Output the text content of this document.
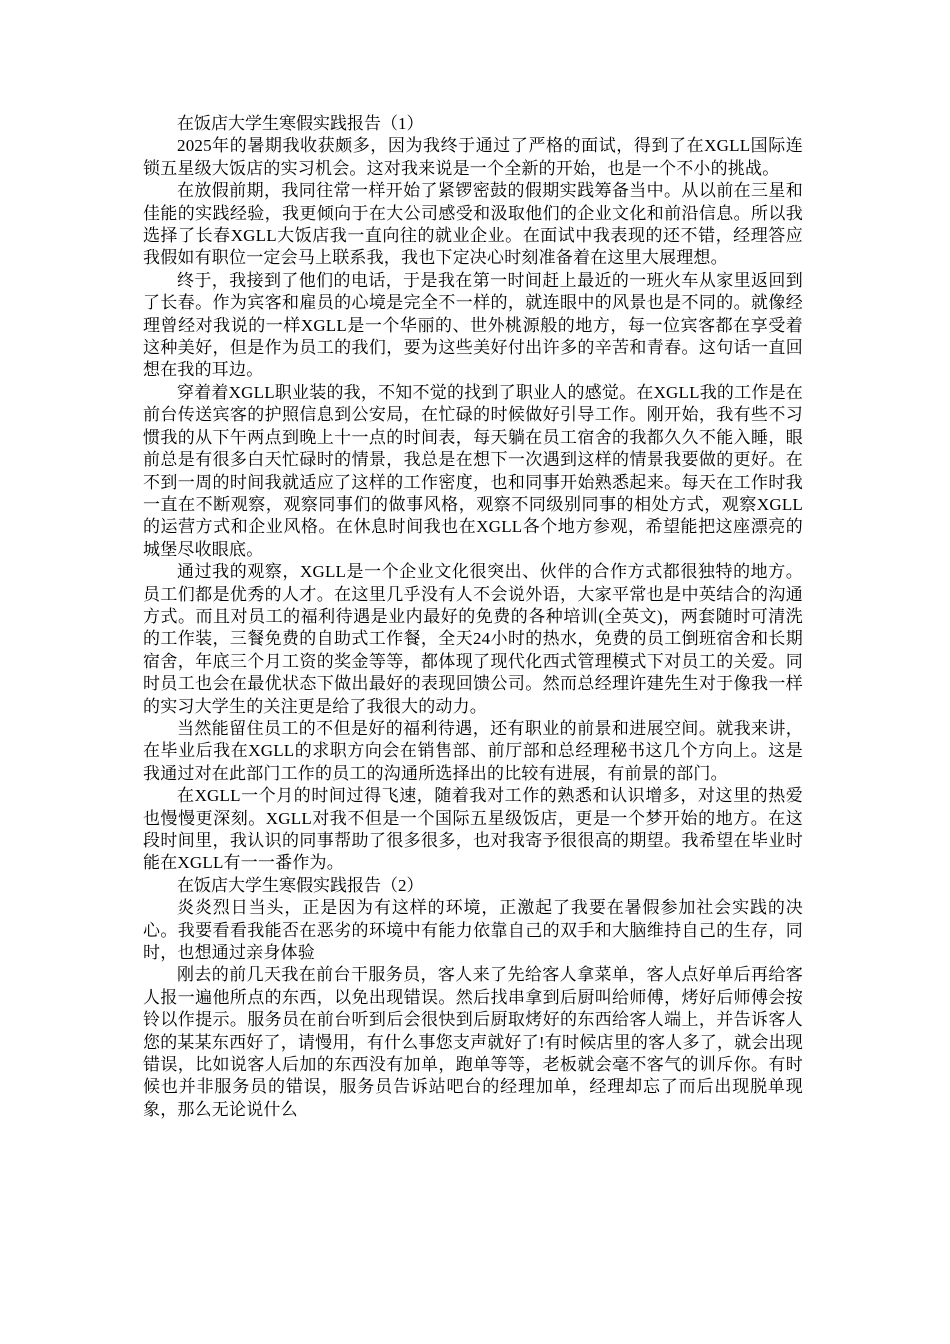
在饭店大学生寒假实践报告（1）

2025年的暑期我收获颇多，因为我终于通过了严格的面试，得到了在XGLL国际连锁五星级大饭店的实习机会。这对我来说是一个全新的开始，也是一个不小的挑战。

在放假前期，我同往常一样开始了紧锣密鼓的假期实践筹备当中。从以前在三星和佳能的实践经验，我更倾向于在大公司感受和汲取他们的企业文化和前沿信息。所以我选择了长春XGLL大饭店我一直向往的就业企业。在面试中我表现的还不错，经理答应我假如有职位一定会马上联系我，我也下定决心时刻准备着在这里大展理想。

终于，我接到了他们的电话，于是我在第一时间赶上最近的一班火车从家里返回到了长春。作为宾客和雇员的心境是完全不一样的，就连眼中的风景也是不同的。就像经理曾经对我说的一样XGLL是一个华丽的、世外桃源般的地方，每一位宾客都在享受着这种美好，但是作为员工的我们，要为这些美好付出许多的辛苦和青春。这句话一直回想在我的耳边。

穿着着XGLL职业装的我，不知不觉的找到了职业人的感觉。在XGLL我的工作是在前台传送宾客的护照信息到公安局，在忙碌的时候做好引导工作。刚开始，我有些不习惯我的从下午两点到晚上十一点的时间表，每天躺在员工宿舍的我都久久不能入睡，眼前总是有很多白天忙碌时的情景，我总是在想下一次遇到这样的情景我要做的更好。在不到一周的时间我就适应了这样的工作密度，也和同事开始熟悉起来。每天在工作时我一直在不断观察，观察同事们的做事风格，观察不同级别同事的相处方式，观察XGLL的运营方式和企业风格。在休息时间我也在XGLL各个地方参观，希望能把这座漂亮的城堡尽收眼底。

通过我的观察，XGLL是一个企业文化很突出、伙伴的合作方式都很独特的地方。员工们都是优秀的人才。在这里几乎没有人不会说外语，大家平常也是中英结合的沟通方式。而且对员工的福利待遇是业内最好的免费的各种培训(全英文)，两套随时可清洗的工作装，三餐免费的自助式工作餐，全天24小时的热水，免费的员工倒班宿舍和长期宿舍，年底三个月工资的奖金等等，都体现了现代化西式管理模式下对员工的关爱。同时员工也会在最优状态下做出最好的表现回馈公司。然而总经理许建先生对于像我一样的实习大学生的关注更是给了我很大的动力。

当然能留住员工的不但是好的福利待遇，还有职业的前景和进展空间。就我来讲，在毕业后我在XGLL的求职方向会在销售部、前厅部和总经理秘书这几个方向上。这是我通过对在此部门工作的员工的沟通所选择出的比较有进展，有前景的部门。

在XGLL一个月的时间过得飞速，随着我对工作的熟悉和认识增多，对这里的热爱也慢慢更深刻。XGLL对我不但是一个国际五星级饭店，更是一个梦开始的地方。在这段时间里，我认识的同事帮助了很多很多，也对我寄予很很高的期望。我希望在毕业时能在XGLL有一一番作为。

在饭店大学生寒假实践报告（2）

炎炎烈日当头，正是因为有这样的环境，正激起了我要在暑假参加社会实践的决心。我要看看我能否在恶劣的环境中有能力依靠自己的双手和大脑维持自己的生存，同时，也想通过亲身体验

刚去的前几天我在前台干服务员，客人来了先给客人拿菜单，客人点好单后再给客人报一遍他所点的东西，以免出现错误。然后找串拿到后厨叫给师傅，烤好后师傅会按铃以作提示。服务员在前台听到后会很快到后厨取烤好的东西给客人端上，并告诉客人您的某某东西好了，请慢用，有什么事您支声就好了!有时候店里的客人多了，就会出现错误，比如说客人后加的东西没有加单，跑单等等，老板就会毫不客气的训斥你。有时候也并非服务员的错误，服务员告诉站吧台的经理加单，经理却忘了而后出现脱单现象，那么无论说什么
